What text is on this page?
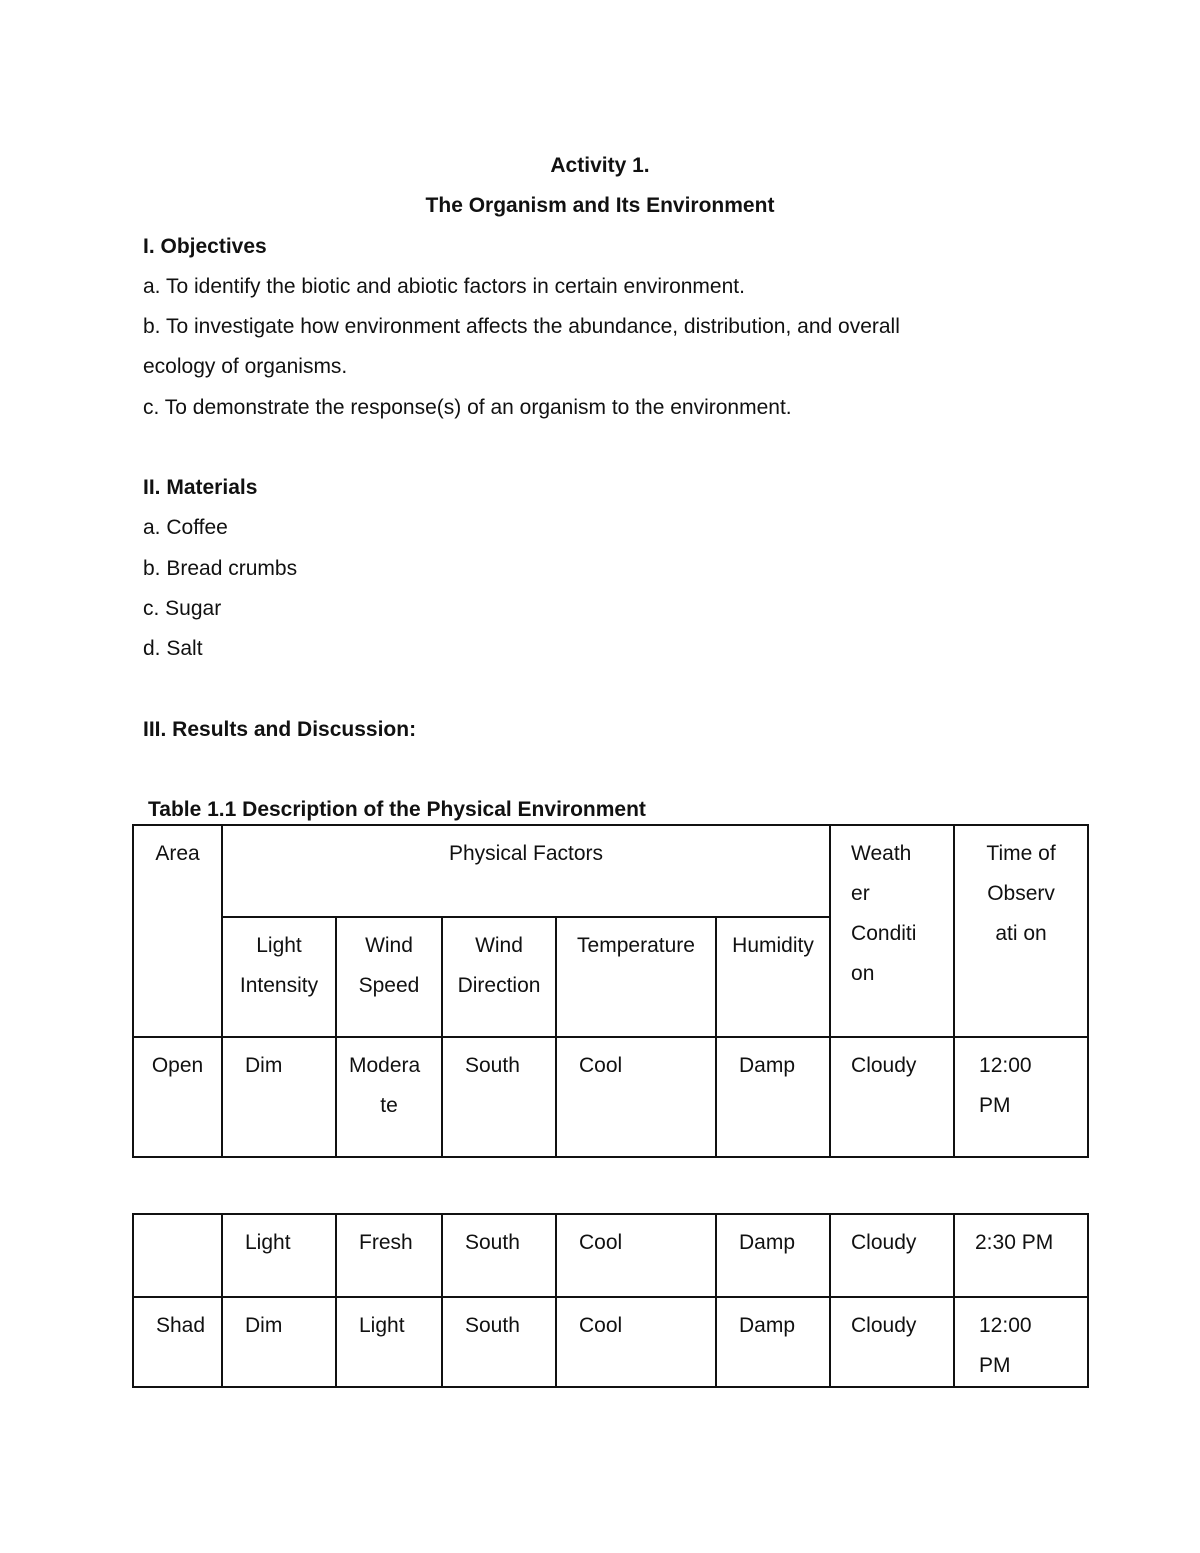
Activity 1.
The Organism and Its Environment
I. Objectives
a. To identify the biotic and abiotic factors in certain environment.
b. To investigate how environment affects the abundance, distribution, and overall
ecology of organisms.
c. To demonstrate the response(s) of an organism to the environment.
II. Materials
a. Coffee
b. Bread crumbs
c. Sugar
d. Salt
III. Results and Discussion:
Table 1.1 Description of the Physical Environment
Area	Physical Factors					Weath
er
Conditi
on	Time of
Observ
ati on

	Light
Intensity	Wind
Speed	Wind
Direction	Temperature	Humidity		

Open	Dim	Modera
te	South	Cool	Damp	Cloudy	12:00
PM
	Light	Fresh	South	Cool	Damp	Cloudy	2:30 PM
Shad	Dim	Light	South	Cool	Damp	Cloudy	12:00
PM
